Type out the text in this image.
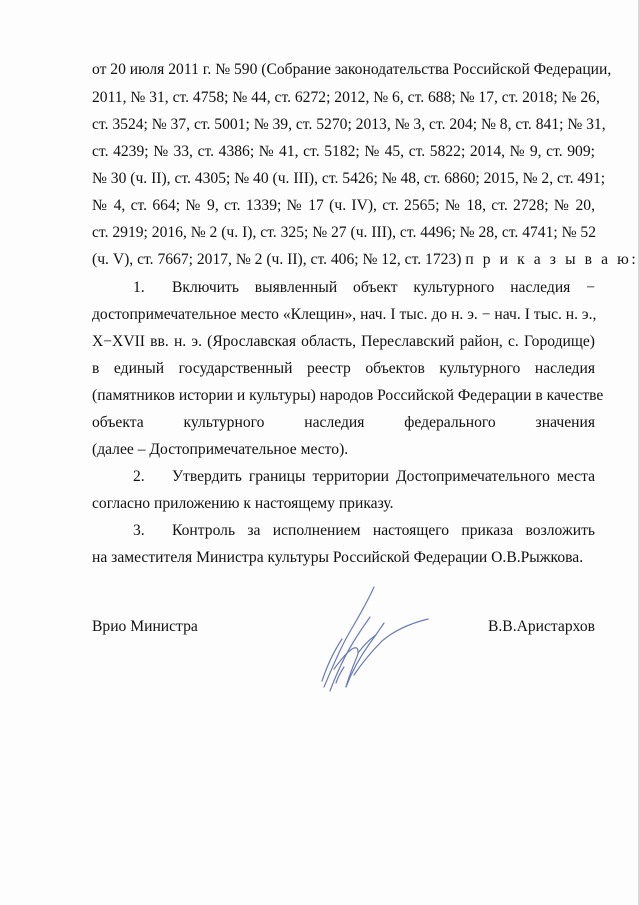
от 20 июля 2011 г. № 590 (Собрание законодательства Российской Федерации,
2011, № 31, ст. 4758; № 44, ст. 6272; 2012, № 6, ст. 688; № 17, ст. 2018; № 26,
ст. 3524; № 37, ст. 5001; № 39, ст. 5270; 2013, № 3, ст. 204; № 8, ст. 841; № 31,
ст. 4239; № 33, ст. 4386; № 41, ст. 5182; № 45, ст. 5822; 2014, № 9, ст. 909;
№ 30 (ч. II), ст. 4305; № 40 (ч. III), ст. 5426; № 48, ст. 6860; 2015, № 2, ст. 491;
№ 4, ст. 664; № 9, ст. 1339; № 17 (ч. IV), ст. 2565; № 18, ст. 2728; № 20,
ст. 2919; 2016, № 2 (ч. I), ст. 325; № 27 (ч. III), ст. 4496; № 28, ст. 4741; № 52
(ч. V), ст. 7667; 2017, № 2 (ч. II), ст. 406; № 12, ст. 1723) п р и к а з ы в а ю:
1. Включить выявленный объект культурного наследия −
достопримечательное место «Клещин», нач. I тыс. до н. э. − нач. I тыс. н. э.,
X−XVII вв. н. э. (Ярославская область, Переславский район, с. Городище)
в единый государственный реестр объектов культурного наследия
(памятников истории и культуры) народов Российской Федерации в качестве
объекта культурного наследия федерального значения
(далее – Достопримечательное место).
2. Утвердить границы территории Достопримечательного места
согласно приложению к настоящему приказу.
3. Контроль за исполнением настоящего приказа возложить
на заместителя Министра культуры Российской Федерации О.В.Рыжкова.
Врио Министра	В.В.Аристархов
